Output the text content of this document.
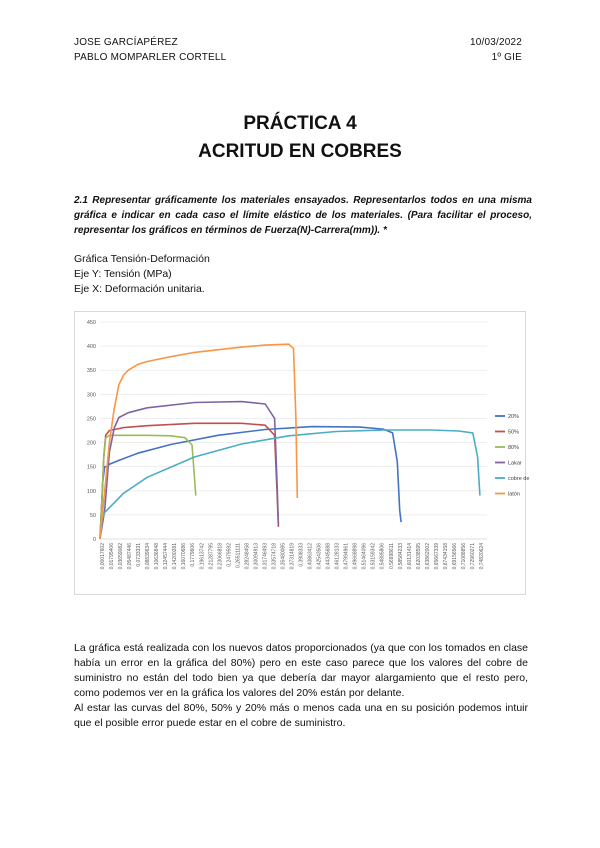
JOSE GARCÍAPÉREZ
PABLO MOMPARLER CORTELL
10/03/2022
1º GIE
PRÁCTICA 4
ACRITUD EN COBRES
2.1 Representar gráficamente los materiales ensayados. Representarlos todos en una misma gráfica e indicar en cada caso el límite elástico de los materiales. (Para facilitar el proceso, representar los gráficos en términos de Fuerza(N)-Carrera(mm)). *
Gráfica Tensión-Deformación
Eje Y: Tensión (MPa)
Eje X: Deformación unitaria.
0
50
100
150
200
250
300
350
400
450
0,00017602 0,01795406 0,03659082 0,05487446 0,0733331 0,08839634 0,10636848 0,12457444 0,14200281 0,16070686 0,1779606 0,19613742 0,21287795 0,23066818 0,2479592 0,26511111 0,28248458 0,30094913 0,31746493 0,33574718 0,35480085 0,37314819 0,3908333 0,40863412 0,42543506 0,44345688 0,46128133 0,47994961 0,49668898 0,51464096 0,53159342 0,54885806 0,56998611 0,58584233 0,60131414 0,62038595 0,63862002 0,65667339 0,67434158 0,69156566 0,71088856 0,72960271 0,74820624
20%
50%
80%
Lakar
cobre de
latón

La gráfica está realizada con los nuevos datos proporcionados (ya que con los tomados en clase había un error en la gráfica del 80%) pero en este caso parece que los valores del cobre de suministro no están del todo bien ya que debería dar mayor alargamiento que el resto pero, como podemos ver en la gráfica los valores del 20% están por delante.

Al estar las curvas del 80%, 50% y 20% más o menos cada una en su posición podemos intuir que el posible error puede estar en el cobre de suministro.
